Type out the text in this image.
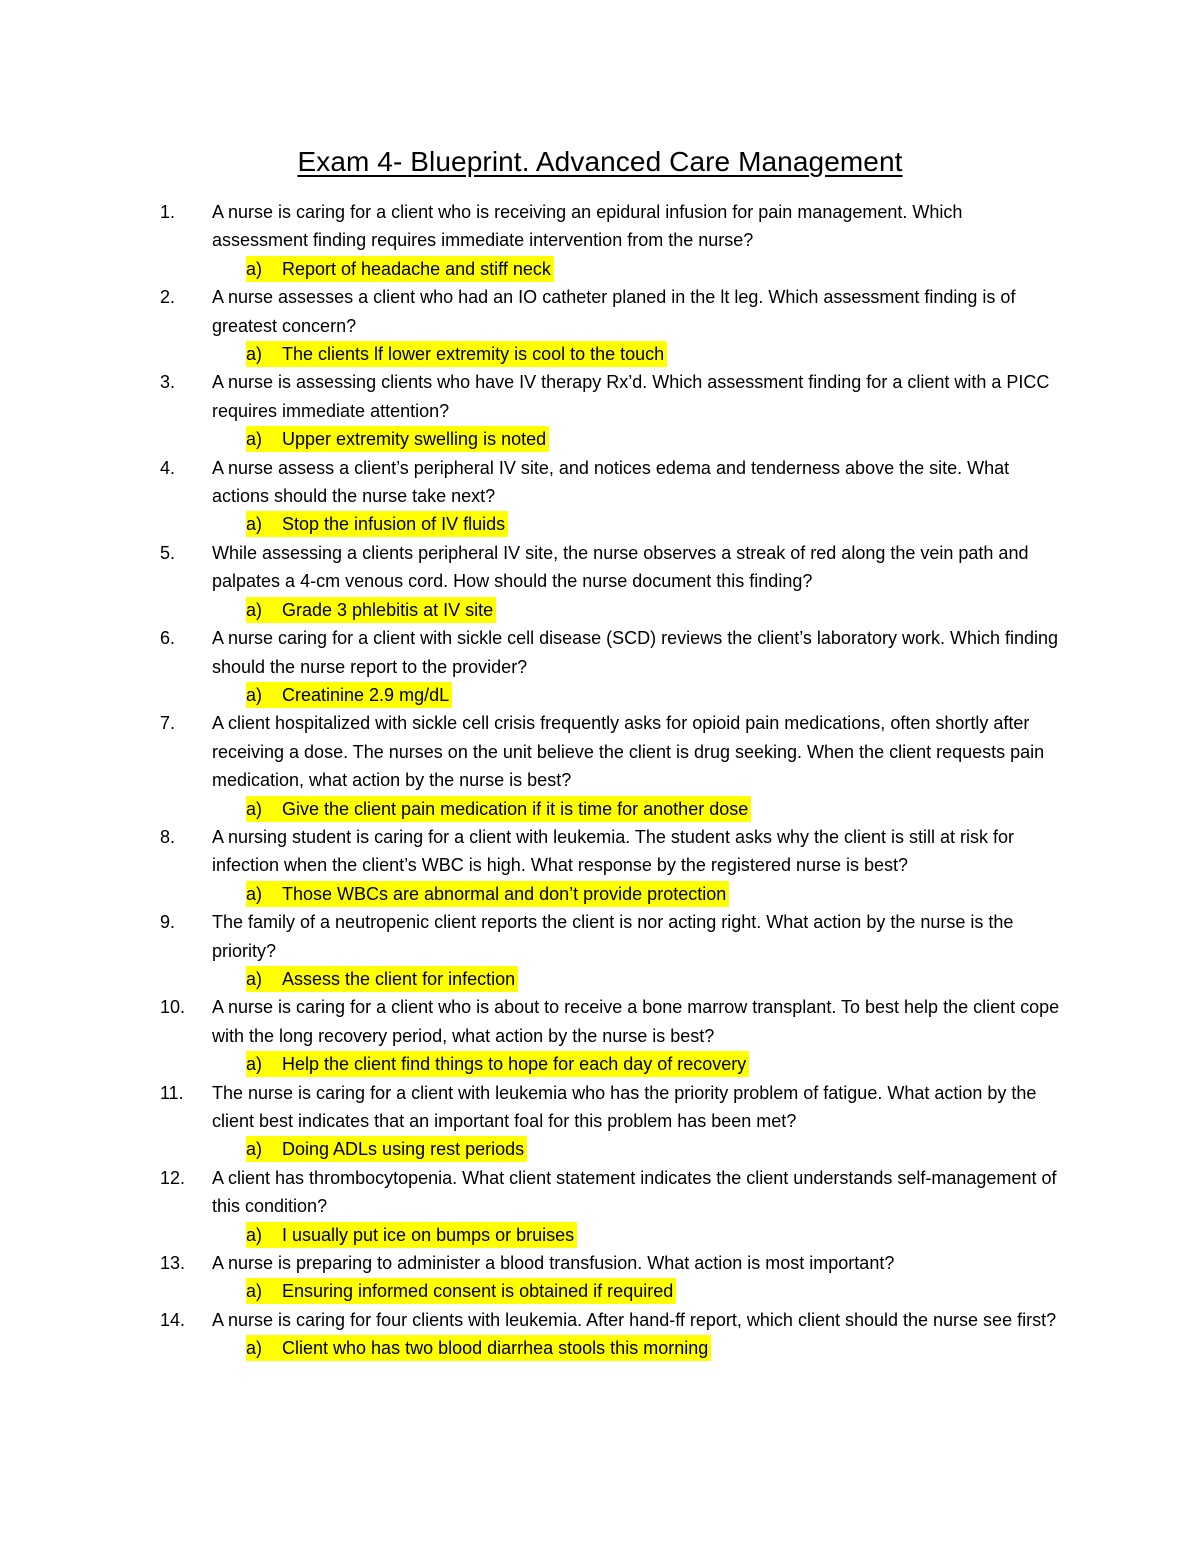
Exam 4- Blueprint. Advanced Care Management
1.	A nurse is caring for a client who is receiving an epidural infusion for pain management. Which assessment finding requires immediate intervention from the nurse?
a) Report of headache and stiff neck
2.	A nurse assesses a client who had an IO catheter planed in the lt leg. Which assessment finding is of greatest concern?
a) The clients lf lower extremity is cool to the touch
3.	A nurse is assessing clients who have IV therapy Rx’d. Which assessment finding for a client with a PICC requires immediate attention?
a) Upper extremity swelling is noted
4.	A nurse assess a client’s peripheral IV site, and notices edema and tenderness above the site. What actions should the nurse take next?
a) Stop the infusion of IV fluids
5.	While assessing a clients peripheral IV site, the nurse observes a streak of red along the vein path and palpates a 4-cm venous cord. How should the nurse document this finding?
a) Grade 3 phlebitis at IV site
6.	A nurse caring for a client with sickle cell disease (SCD) reviews the client’s laboratory work. Which finding should the nurse report to the provider?
a) Creatinine 2.9 mg/dL
7.	A client hospitalized with sickle cell crisis frequently asks for opioid pain medications, often shortly after receiving a dose. The nurses on the unit believe the client is drug seeking. When the client requests pain medication, what action by the nurse is best?
a) Give the client pain medication if it is time for another dose
8.	A nursing student is caring for a client with leukemia. The student asks why the client is still at risk for infection when the client’s WBC is high. What response by the registered nurse is best?
a) Those WBCs are abnormal and don’t provide protection
9.	The family of a neutropenic client reports the client is nor acting right. What action by the nurse is the priority?
a) Assess the client for infection
10.	A nurse is caring for a client who is about to receive a bone marrow transplant. To best help the client cope with the long recovery period, what action by the nurse is best?
a) Help the client find things to hope for each day of recovery
11.	The nurse is caring for a client with leukemia who has the priority problem of fatigue. What action by the client best indicates that an important foal for this problem has been met?
a) Doing ADLs using rest periods
12.	A client has thrombocytopenia. What client statement indicates the client understands self-management of this condition?
a) I usually put ice on bumps or bruises
13.	A nurse is preparing to administer a blood transfusion. What action is most important?
a) Ensuring informed consent is obtained if required
14.	A nurse is caring for four clients with leukemia. After hand-ff report, which client should the nurse see first?
a) Client who has two blood diarrhea stools this morning
